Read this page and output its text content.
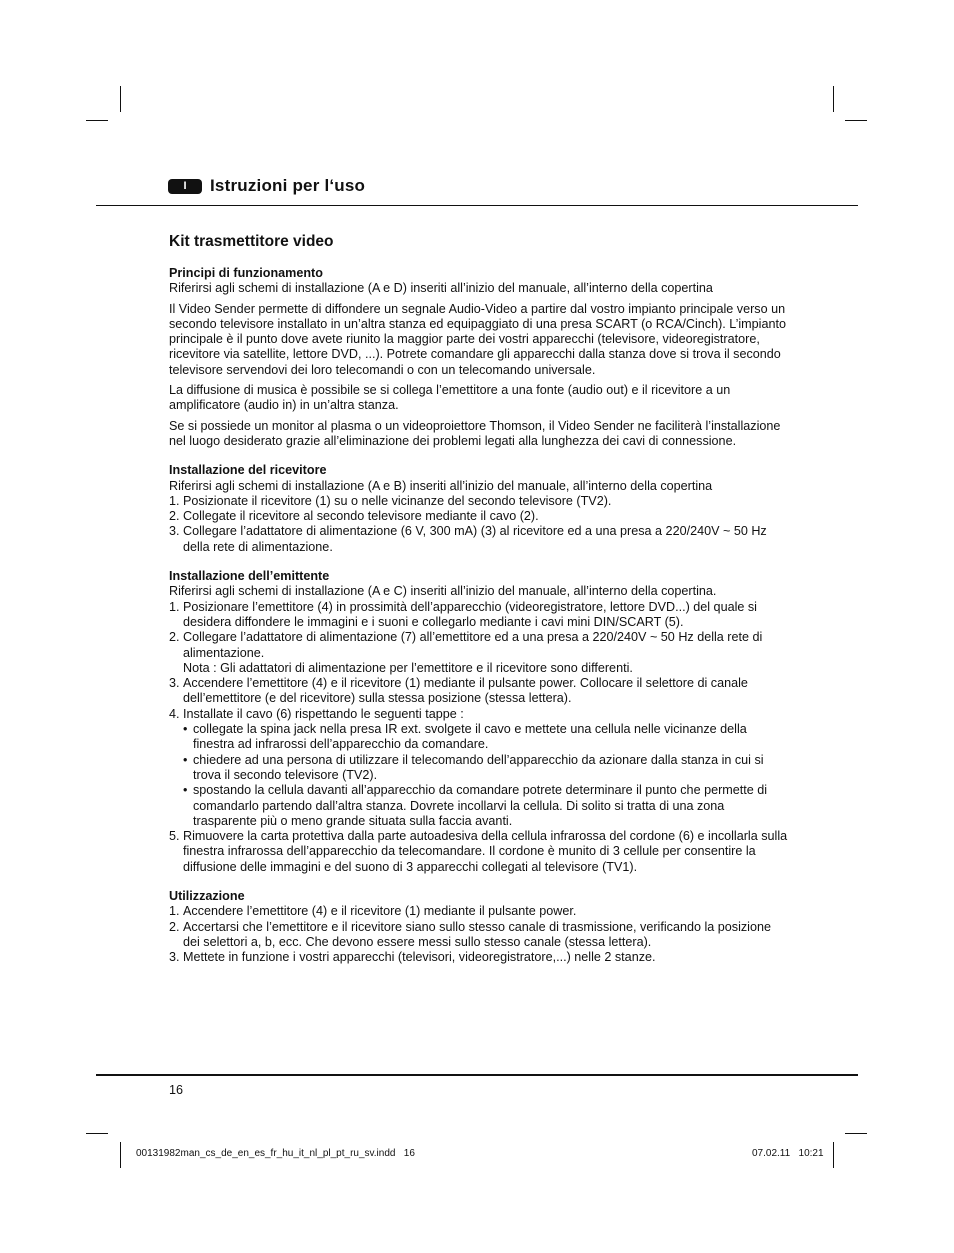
I	Istruzioni per l‘uso
Kit trasmettitore video
Principi di funzionamento

Riferirsi agli schemi di installazione (A e D) inseriti all’inizio del manuale, all’interno della copertina

Il Video Sender permette di diffondere un segnale Audio-Video a partire dal vostro impianto principale verso un secondo televisore installato in un’altra stanza ed equipaggiato di una presa SCART (o RCA/Cinch). L’impianto principale è il punto dove avete riunito la maggior parte dei vostri apparecchi (televisore, videoregistratore, ricevitore via satellite, lettore DVD, ...). Potrete comandare gli apparecchi dalla stanza dove si trova il secondo televisore servendovi dei loro telecomandi o con un telecomando universale.

La diffusione di musica è possibile se si collega l’emettitore a una fonte (audio out) e il ricevitore a un amplificatore (audio in) in un’altra stanza.

Se si possiede un monitor al plasma o un videoproiettore Thomson, il Video Sender ne faciliterà l’installazione nel luogo desiderato grazie all’eliminazione dei problemi legati alla lunghezza dei cavi di connessione.

Installazione del ricevitore

Riferirsi agli schemi di installazione (A e B) inseriti all’inizio del manuale, all’interno della copertina

1. Posizionate il ricevitore (1) su o nelle vicinanze del secondo televisore (TV2).
2. Collegate il ricevitore al secondo televisore mediante il cavo (2).
3. Collegare l’adattatore di alimentazione (6 V, 300 mA) (3) al ricevitore ed a una presa a 220/240V ~ 50 Hz della rete di alimentazione.
Installazione dell’emittente

Riferirsi agli schemi di installazione (A e C) inseriti all’inizio del manuale, all’interno della copertina.

1. Posizionare l’emettitore (4) in prossimità dell’apparecchio (videoregistratore, lettore DVD...) del quale si desidera diffondere le immagini e i suoni e collegarlo mediante i cavi mini DIN/SCART (5).
2. Collegare l’adattatore di alimentazione (7) all’emettitore ed a una presa a 220/240V ~ 50 Hz della rete di alimentazione.
Nota : Gli adattatori di alimentazione per l’emettitore e il ricevitore sono differenti.
3. Accendere l’emettitore (4) e il ricevitore (1) mediante il pulsante power. Collocare il selettore di canale dell’emettitore (e del ricevitore) sulla stessa posizione (stessa lettera).
4. Installate il cavo (6) rispettando le seguenti tappe :
• collegate la spina jack nella presa IR ext. svolgete il cavo e mettete una cellula nelle vicinanze della finestra ad infrarossi dell’apparecchio da comandare.
• chiedere ad una persona di utilizzare il telecomando dell’apparecchio da azionare dalla stanza in cui si trova il secondo televisore (TV2).
• spostando la cellula davanti all’apparecchio da comandare potrete determinare il punto che permette di comandarlo partendo dall’altra stanza. Dovrete incollarvi la cellula. Di solito si tratta di una zona trasparente più o meno grande situata sulla faccia avanti.
5. Rimuovere la carta protettiva dalla parte autoadesiva della cellula infrarossa del cordone (6) e incollarla sulla finestra infrarossa dell’apparecchio da telecomandare. Il cordone è munito di 3 cellule per consentire la diffusione delle immagini e del suono di 3 apparecchi collegati al televisore (TV1).
Utilizzazione
1. Accendere l’emettitore (4) e il ricevitore (1) mediante il pulsante power.
2. Accertarsi che l’emettitore e il ricevitore siano sullo stesso canale di trasmissione, verificando la posizione dei selettori a, b, ecc. Che devono essere messi sullo stesso canale (stessa lettera).
3. Mettete in funzione i vostri apparecchi (televisori, videoregistratore,...) nelle 2 stanze.
16
00131982man_cs_de_en_es_fr_hu_it_nl_pl_pt_ru_sv.indd   16	07.02.11   10:21
